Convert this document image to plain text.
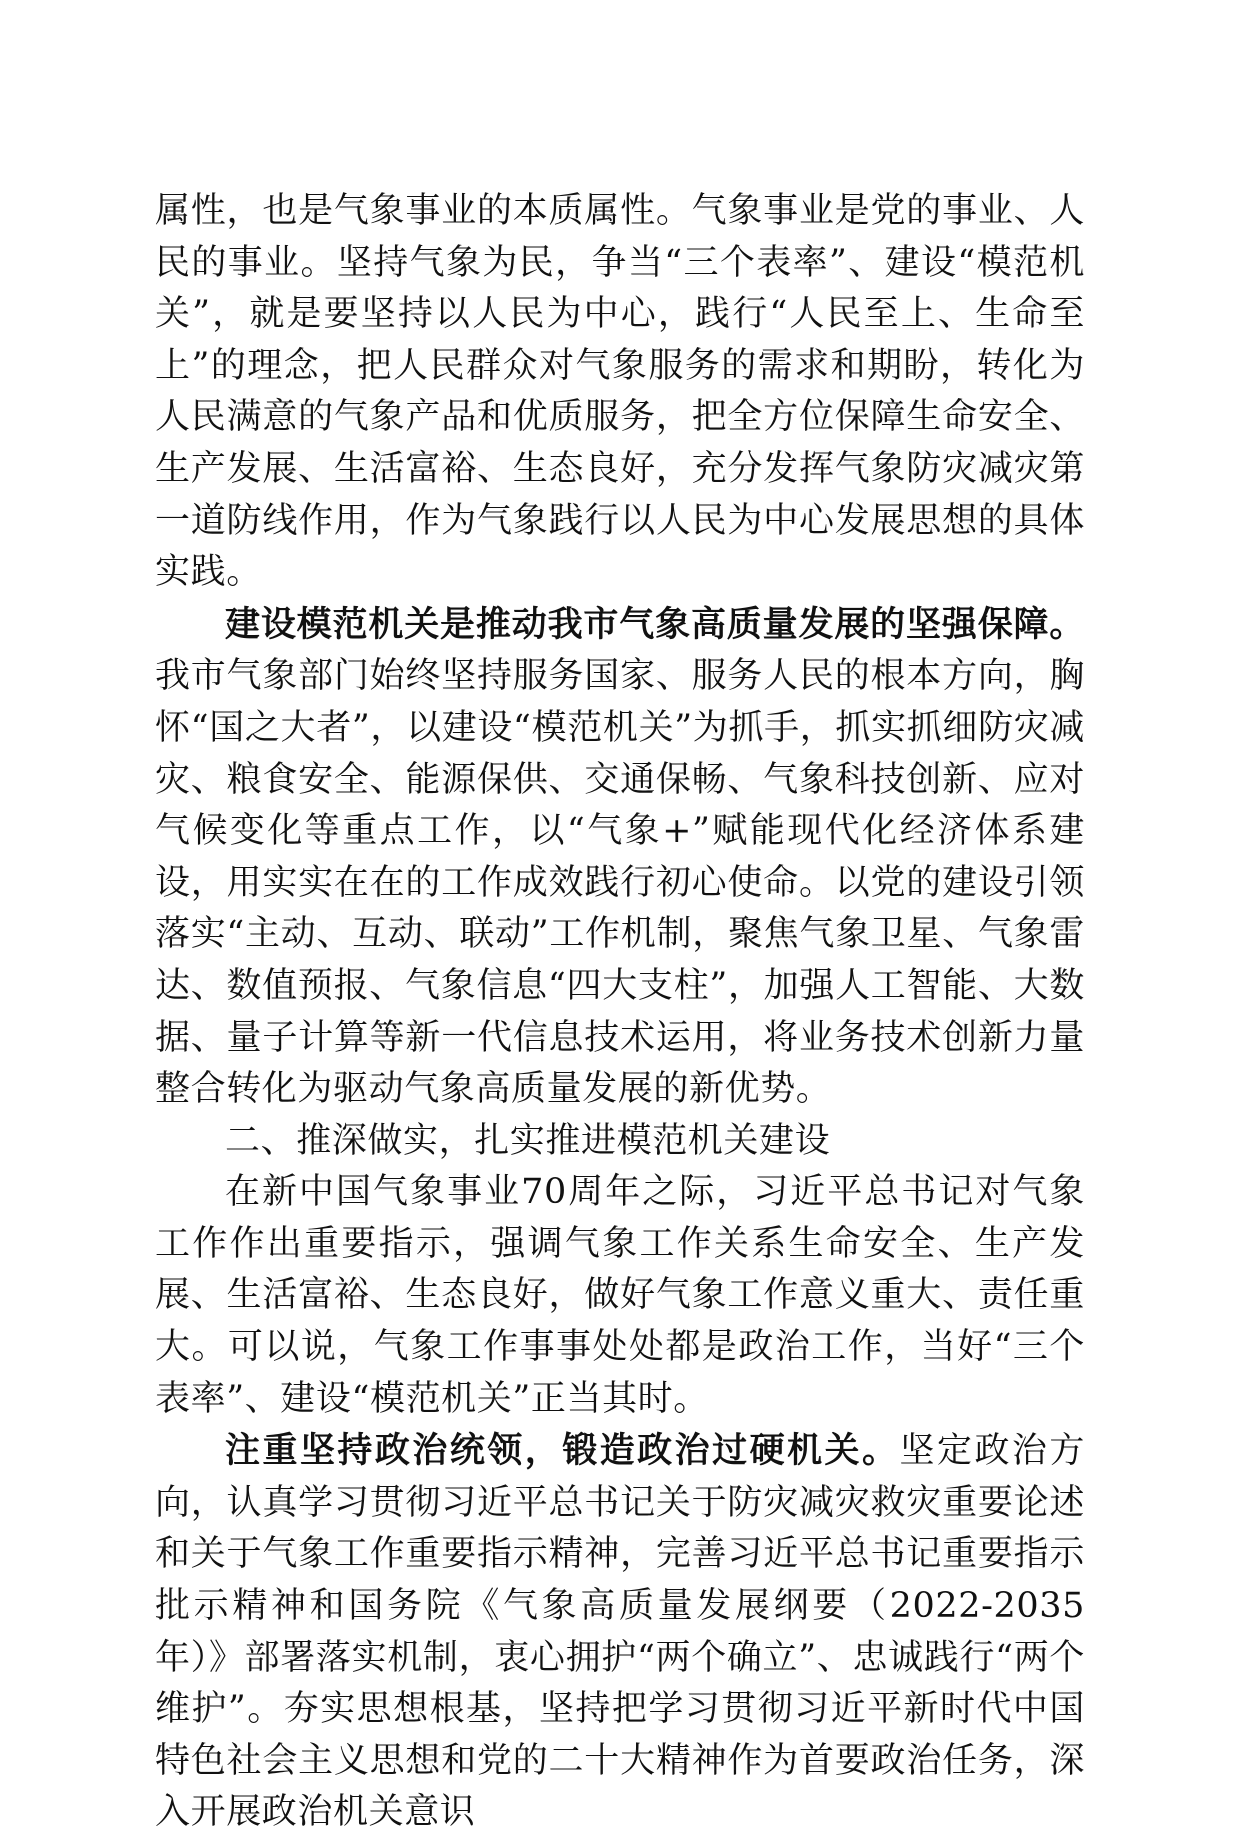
属性，也是气象事业的本质属性。气象事业是党的事业、人民的事业。坚持气象为民，争当“三个表率”、建设“模范机关”，就是要坚持以人民为中心，践行“人民至上、生命至上”的理念，把人民群众对气象服务的需求和期盼，转化为人民满意的气象产品和优质服务，把全方位保障生命安全、生产发展、生活富裕、生态良好，充分发挥气象防灾减灾第一道防线作用，作为气象践行以人民为中心发展思想的具体实践。

建设模范机关是推动我市气象高质量发展的坚强保障。我市气象部门始终坚持服务国家、服务人民的根本方向，胸怀“国之大者”，以建设“模范机关”为抓手，抓实抓细防灾减灾、粮食安全、能源保供、交通保畅、气象科技创新、应对气候变化等重点工作，以“气象+”赋能现代化经济体系建设，用实实在在的工作成效践行初心使命。以党的建设引领落实“主动、互动、联动”工作机制，聚焦气象卫星、气象雷达、数值预报、气象信息“四大支柱”，加强人工智能、大数据、量子计算等新一代信息技术运用，将业务技术创新力量整合转化为驱动气象高质量发展的新优势。

二、推深做实，扎实推进模范机关建设

在新中国气象事业70周年之际，习近平总书记对气象工作作出重要指示，强调气象工作关系生命安全、生产发展、生活富裕、生态良好，做好气象工作意义重大、责任重大。可以说，气象工作事事处处都是政治工作，当好“三个表率”、建设“模范机关”正当其时。

注重坚持政治统领，锻造政治过硬机关。坚定政治方向，认真学习贯彻习近平总书记关于防灾减灾救灾重要论述和关于气象工作重要指示精神，完善习近平总书记重要指示批示精神和国务院《气象高质量发展纲要（2022-2035年）》部署落实机制，衷心拥护“两个确立”、忠诚践行“两个维护”。夯实思想根基，坚持把学习贯彻习近平新时代中国特色社会主义思想和党的二十大精神作为首要政治任务，深入开展政治机关意识
